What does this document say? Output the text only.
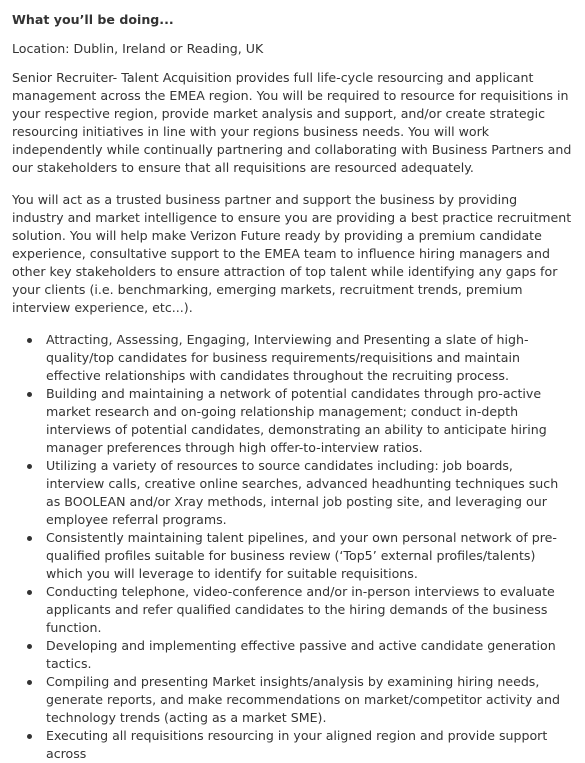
What you’ll be doing...

Location: Dublin, Ireland or Reading, UK

Senior Recruiter- Talent Acquisition provides full life-cycle resourcing and applicant management across the EMEA region. You will be required to resource for requisitions in your respective region, provide market analysis and support, and/or create strategic resourcing initiatives in line with your regions business needs. You will work independently while continually partnering and collaborating with Business Partners and our stakeholders to ensure that all requisitions are resourced adequately.

You will act as a trusted business partner and support the business by providing industry and market intelligence to ensure you are providing a best practice recruitment solution. You will help make Verizon Future ready by providing a premium candidate experience, consultative support to the EMEA team to influence hiring managers and other key stakeholders to ensure attraction of top talent while identifying any gaps for your clients (i.e. benchmarking, emerging markets, recruitment trends, premium interview experience, etc...).

Attracting, Assessing, Engaging, Interviewing and Presenting a slate of high-quality/top candidates for business requirements/requisitions and maintain effective relationships with candidates throughout the recruiting process.
Building and maintaining a network of potential candidates through pro-active market research and on-going relationship management; conduct in-depth interviews of potential candidates, demonstrating an ability to anticipate hiring manager preferences through high offer-to-interview ratios.
Utilizing a variety of resources to source candidates including: job boards, interview calls, creative online searches, advanced headhunting techniques such as BOOLEAN and/or Xray methods, internal job posting site, and leveraging our employee referral programs.
Consistently maintaining talent pipelines, and your own personal network of pre-qualified profiles suitable for business review (‘Top5’ external profiles/talents) which you will leverage to identify for suitable requisitions.
Conducting telephone, video-conference and/or in-person interviews to evaluate applicants and refer qualified candidates to the hiring demands of the business function.
Developing and implementing effective passive and active candidate generation tactics.
Compiling and presenting Market insights/analysis by examining hiring needs, generate reports, and make recommendations on market/competitor activity and technology trends (acting as a market SME).
Executing all requisitions resourcing in your aligned region and provide support across
